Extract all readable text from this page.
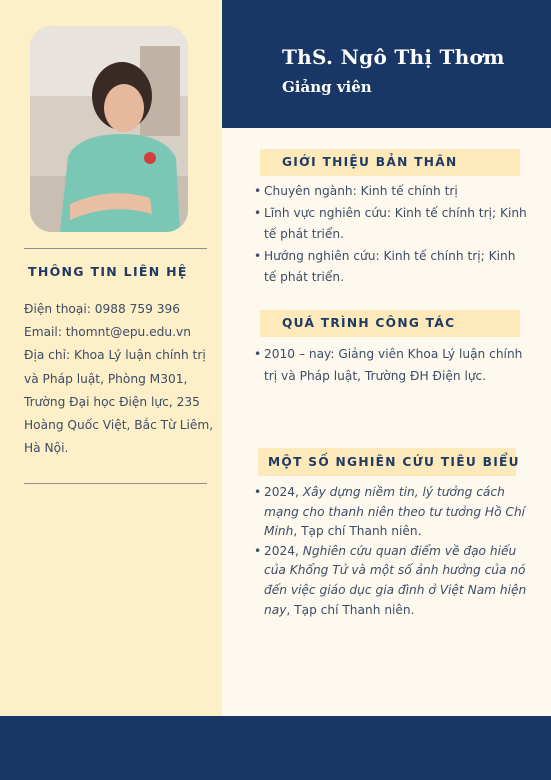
THÔNG TIN LIÊN HỆ
Điện thoại: 0988 759 396
Email: thomnt@epu.edu.vn
Địa chỉ: Khoa Lý luận chính trị
và Pháp luật, Phòng M301,
Trường Đại học Điện lực, 235
Hoàng Quốc Việt, Bắc Từ Liêm,
Hà Nội.
ThS. Ngô Thị Thơm
Giảng viên
GIỚI THIỆU BẢN THÂN
• Chuyên ngành: Kinh tế chính trị
• Lĩnh vực nghiên cứu: Kinh tế chính trị; Kinh tế phát triển.
• Hướng nghiên cứu: Kinh tế chính trị; Kinh tế phát triển.
QUÁ TRÌNH CÔNG TÁC
• 2010 – nay: Giảng viên Khoa Lý luận chính trị và Pháp luật, Trường ĐH Điện lực.
MỘT SỐ NGHIÊN CỨU TIÊU BIỂU
• 2024, Xây dựng niềm tin, lý tưởng cách mạng cho thanh niên theo tư tưởng Hồ Chí Minh, Tạp chí Thanh niên.
• 2024, Nghiên cứu quan điểm về đạo hiếu của Khổng Tử và một số ảnh hưởng của nó đến việc giáo dục gia đình ở Việt Nam hiện nay, Tạp chí Thanh niên.
